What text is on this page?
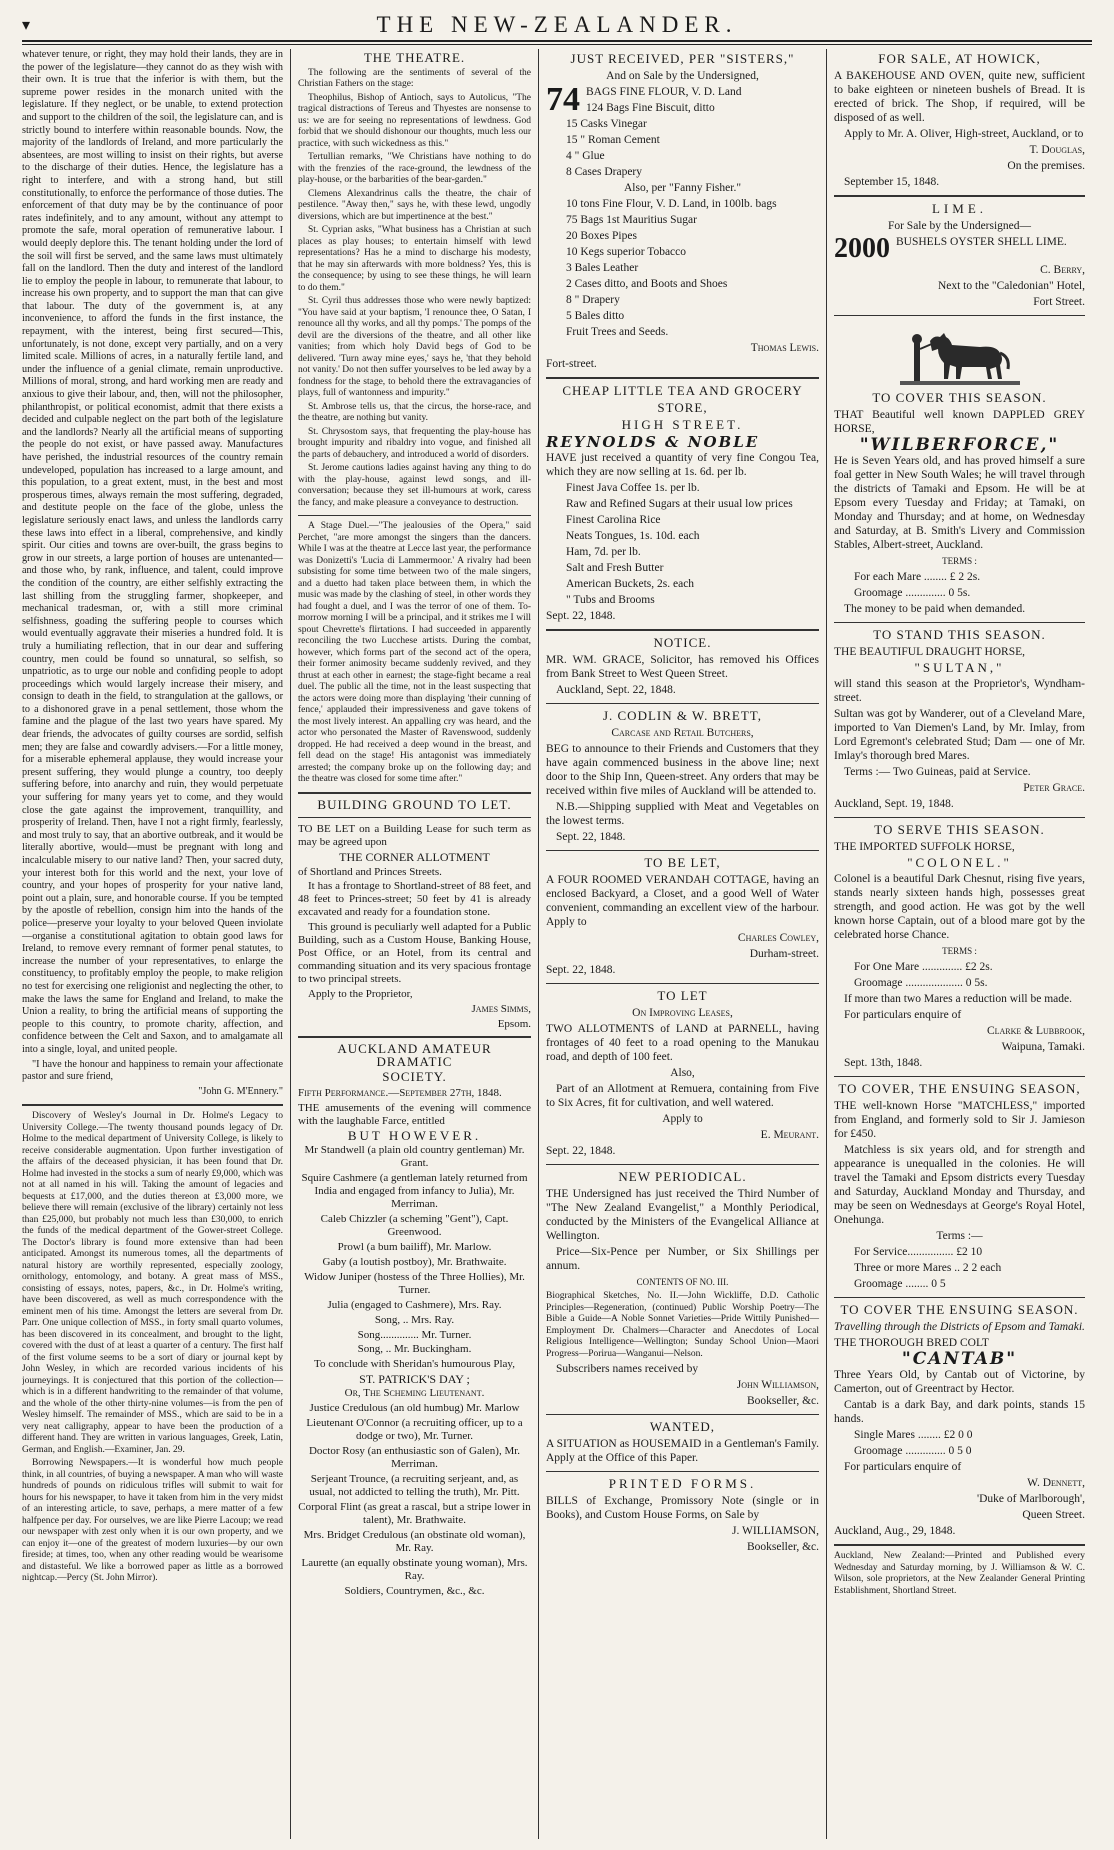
▾	THE NEW-ZEALANDER.

whatever tenure, or right, they may hold their lands, they are in the power of the legislature—they cannot do as they wish with their own. It is true that the inferior is with them, but the supreme power resides in the monarch united with the legislature. If they neglect, or be unable, to extend protection and support to the children of the soil, the legislature can, and is strictly bound to interfere within reasonable bounds. Now, the majority of the landlords of Ireland, and more particularly the absentees, are most willing to insist on their rights, but averse to the discharge of their duties. Hence, the legislature has a right to interfere, and with a strong hand, but still constitutionally, to enforce the performance of those duties. The enforcement of that duty may be by the continuance of poor rates indefinitely, and to any amount, without any attempt to promote the safe, moral operation of remunerative labour. I would deeply deplore this. The tenant holding under the lord of the soil will first be served, and the same laws must ultimately fall on the landlord. Then the duty and interest of the landlord lie to employ the people in labour, to remunerate that labour, to increase his own property, and to support the man that can give that labour. The duty of the government is, at any inconvenience, to afford the funds in the first instance, the repayment, with the interest, being first secured—This, unfortunately, is not done, except very partially, and on a very limited scale. Millions of acres, in a naturally fertile land, and under the influence of a genial climate, remain unproductive. Millions of moral, strong, and hard working men are ready and anxious to give their labour, and, then, will not the philosopher, philanthropist, or political economist, admit that there exists a decided and culpable neglect on the part both of the legislature and the landlords? Nearly all the artificial means of supporting the people do not exist, or have passed away. Manufactures have perished, the industrial resources of the country remain undeveloped, population has increased to a large amount, and this population, to a great extent, must, in the best and most prosperous times, always remain the most suffering, degraded, and destitute people on the face of the globe, unless the legislature seriously enact laws, and unless the landlords carry these laws into effect in a liberal, comprehensive, and kindly spirit. Our cities and towns are over-built, the grass begins to grow in our streets, a large portion of houses are untenanted—and those who, by rank, influence, and talent, could improve the condition of the country, are either selfishly extracting the last shilling from the struggling farmer, shopkeeper, and mechanical tradesman, or, with a still more criminal selfishness, goading the suffering people to courses which would eventually aggravate their miseries a hundred fold. It is truly a humiliating reflection, that in our dear and suffering country, men could be found so unnatural, so selfish, so unpatriotic, as to urge our noble and confiding people to adopt proceedings which would largely increase their misery, and consign to death in the field, to strangulation at the gallows, or to a dishonored grave in a penal settlement, those whom the famine and the plague of the last two years have spared. My dear friends, the advocates of guilty courses are sordid, selfish men; they are false and cowardly advisers.—For a little money, for a miserable ephemeral applause, they would increase your present suffering, they would plunge a country, too deeply suffering before, into anarchy and ruin, they would perpetuate your suffering for many years yet to come, and they would close the gate against the improvement, tranquillity, and prosperity of Ireland. Then, have I not a right firmly, fearlessly, and most truly to say, that an abortive outbreak, and it would be literally abortive, would—must be pregnant with long and incalculable misery to our native land? Then, your sacred duty, your interest both for this world and the next, your love of country, and your hopes of prosperity for your native land, point out a plain, sure, and honorable course. If you be tempted by the apostle of rebellion, consign him into the hands of the police—preserve your loyalty to your beloved Queen inviolate—organise a constitutional agitation to obtain good laws for Ireland, to remove every remnant of former penal statutes, to increase the number of your representatives, to enlarge the constituency, to profitably employ the people, to make religion no test for exercising one religionist and neglecting the other, to make the laws the same for England and Ireland, to make the Union a reality, to bring the artificial means of supporting the people to this country, to promote charity, affection, and confidence between the Celt and Saxon, and to amalgamate all into a single, loyal, and united people.

"I have the honour and happiness to remain your affectionate pastor and sure friend,

"John G. M'Ennery."

Discovery of Wesley's Journal in Dr. Holme's Legacy to University College.—The twenty thousand pounds legacy of Dr. Holme to the medical department of University College, is likely to receive considerable augmentation. Upon further investigation of the affairs of the deceased physician, it has been found that Dr. Holme had invested in the stocks a sum of nearly £9,000, which was not at all named in his will. Taking the amount of legacies and bequests at £17,000, and the duties thereon at £3,000 more, we believe there will remain (exclusive of the library) certainly not less than £25,000, but probably not much less than £30,000, to enrich the funds of the medical department of the Gower-street College. The Doctor's library is found more extensive than had been anticipated. Amongst its numerous tomes, all the departments of natural history are worthily represented, especially zoology, ornithology, entomology, and botany. A great mass of MSS., consisting of essays, notes, papers, &c., in Dr. Holme's writing, have been discovered, as well as much correspondence with the eminent men of his time. Amongst the letters are several from Dr. Parr. One unique collection of MSS., in forty small quarto volumes, has been discovered in its concealment, and brought to the light, covered with the dust of at least a quarter of a century. The first half of the first volume seems to be a sort of diary or journal kept by John Wesley, in which are recorded various incidents of his journeyings. It is conjectured that this portion of the collection—which is in a different handwriting to the remainder of that volume, and the whole of the other thirty-nine volumes—is from the pen of Wesley himself. The remainder of MSS., which are said to be in a very neat calligraphy, appear to have been the production of a different hand. They are written in various languages, Greek, Latin, German, and English.—Examiner, Jan. 29.

Borrowing Newspapers.—It is wonderful how much people think, in all countries, of buying a newspaper. A man who will waste hundreds of pounds on ridiculous trifles will submit to wait for hours for his newspaper, to have it taken from him in the very midst of an interesting article, to save, perhaps, a mere matter of a few halfpence per day. For ourselves, we are like Pierre Lacoup; we read our newspaper with zest only when it is our own property, and we can enjoy it—one of the greatest of modern luxuries—by our own fireside; at times, too, when any other reading would be wearisome and distasteful. We like a borrowed paper as little as a borrowed nightcap.—Percy (St. John Mirror).

THE THEATRE.

The following are the sentiments of several of the Christian Fathers on the stage:

Theophilus, Bishop of Antioch, says to Autolicus, "The tragical distractions of Tereus and Thyestes are nonsense to us: we are for seeing no representations of lewdness. God forbid that we should dishonour our thoughts, much less our practice, with such wickedness as this."

Tertullian remarks, "We Christians have nothing to do with the frenzies of the race-ground, the lewdness of the play-house, or the barbarities of the bear-garden."

Clemens Alexandrinus calls the theatre, the chair of pestilence. "Away then," says he, with these lewd, ungodly diversions, which are but impertinence at the best."

St. Cyprian asks, "What business has a Christian at such places as play houses; to entertain himself with lewd representations? Has he a mind to discharge his modesty, that he may sin afterwards with more boldness? Yes, this is the consequence; by using to see these things, he will learn to do them."

St. Cyril thus addresses those who were newly baptized: "You have said at your baptism, 'I renounce thee, O Satan, I renounce all thy works, and all thy pomps.' The pomps of the devil are the diversions of the theatre, and all other like vanities; from which holy David begs of God to be delivered. 'Turn away mine eyes,' says he, 'that they behold not vanity.' Do not then suffer yourselves to be led away by a fondness for the stage, to behold there the extravagancies of plays, full of wantonness and impurity."

St. Ambrose tells us, that the circus, the horse-race, and the theatre, are nothing but vanity.

St. Chrysostom says, that frequenting the play-house has brought impurity and ribaldry into vogue, and finished all the parts of debauchery, and introduced a world of disorders.

St. Jerome cautions ladies against having any thing to do with the play-house, against lewd songs, and ill-conversation; because they set ill-humours at work, caress the fancy, and make pleasure a conveyance to destruction.

A Stage Duel.—"The jealousies of the Opera," said Perchet, "are more amongst the singers than the dancers. While I was at the theatre at Lecce last year, the performance was Donizetti's 'Lucia di Lammermoor.' A rivalry had been subsisting for some time between two of the male singers, and a duetto had taken place between them, in which the music was made by the clashing of steel, in other words they had fought a duel, and I was the terror of one of them. To-morrow morning I will be a principal, and it strikes me I will spout Chevrette's flirtations. I had succeeded in apparently reconciling the two Lucchese artists. During the combat, however, which forms part of the second act of the opera, their former animosity became suddenly revived, and they thrust at each other in earnest; the stage-fight became a real duel. The public all the time, not in the least suspecting that the actors were doing more than displaying 'their cunning of fence,' applauded their impressiveness and gave tokens of the most lively interest. An appalling cry was heard, and the actor who personated the Master of Ravenswood, suddenly dropped. He had received a deep wound in the breast, and fell dead on the stage! His antagonist was immediately arrested; the company broke up on the following day; and the theatre was closed for some time after."

BUILDING GROUND TO LET.

TO BE LET on a Building Lease for such term as may be agreed upon

THE CORNER ALLOTMENT

of Shortland and Princes Streets.

It has a frontage to Shortland-street of 88 feet, and 48 feet to Princes-street; 50 feet by 41 is already excavated and ready for a foundation stone.

This ground is peculiarly well adapted for a Public Building, such as a Custom House, Banking House, Post Office, or an Hotel, from its central and commanding situation and its very spacious frontage to two principal streets.

Apply to the Proprietor,

James Simms,

Epsom.

AUCKLAND AMATEUR DRAMATIC
SOCIETY.

Fifth Performance.—September 27th, 1848.

THE amusements of the evening will commence with the laughable Farce, entitled

BUT HOWEVER.

Mr Standwell (a plain old country gentleman) Mr. Grant.

Squire Cashmere (a gentleman lately returned from India and engaged from infancy to Julia), Mr. Merriman.

Caleb Chizzler (a scheming "Gent"), Capt. Greenwood.

Prowl (a bum bailiff), Mr. Marlow.

Gaby (a loutish postboy), Mr. Brathwaite.

Widow Juniper (hostess of the Three Hollies), Mr. Turner.

Julia (engaged to Cashmere), Mrs. Ray.

Song, .. Mrs. Ray.

Song.............. Mr. Turner.

Song, .. Mr. Buckingham.

To conclude with Sheridan's humourous Play,

ST. PATRICK'S DAY ;

Or, The Scheming Lieutenant.

Justice Credulous (an old humbug) Mr. Marlow

Lieutenant O'Connor (a recruiting officer, up to a dodge or two), Mr. Turner.

Doctor Rosy (an enthusiastic son of Galen), Mr. Merriman.

Serjeant Trounce, (a recruiting serjeant, and, as usual, not addicted to telling the truth), Mr. Pitt.

Corporal Flint (as great a rascal, but a stripe lower in talent), Mr. Brathwaite.

Mrs. Bridget Credulous (an obstinate old woman), Mr. Ray.

Laurette (an equally obstinate young woman), Mrs. Ray.

Soldiers, Countrymen, &c., &c.

JUST RECEIVED, PER "SISTERS,"

And on Sale by the Undersigned,

74 BAGS FINE FLOUR, V. D. Land

124 Bags Fine Biscuit, ditto

15 Casks Vinegar

15 " Roman Cement

4 " Glue

8 Cases Drapery

Also, per "Fanny Fisher."

10 tons Fine Flour, V. D. Land, in 100lb. bags

75 Bags 1st Mauritius Sugar

20 Boxes Pipes

10 Kegs superior Tobacco

3 Bales Leather

2 Cases ditto, and Boots and Shoes

8 " Drapery

5 Bales ditto

Fruit Trees and Seeds.

Thomas Lewis.

Fort-street.

CHEAP LITTLE TEA AND GROCERY
STORE,
HIGH STREET.

REYNOLDS & NOBLE

HAVE just received a quantity of very fine Congou Tea, which they are now selling at 1s. 6d. per lb.

Finest Java Coffee 1s. per lb.

Raw and Refined Sugars at their usual low prices

Finest Carolina Rice

Neats Tongues, 1s. 10d. each

Ham, 7d. per lb.

Salt and Fresh Butter

American Buckets, 2s. each

" Tubs and Brooms

Sept. 22, 1848.

NOTICE.

MR. WM. GRACE, Solicitor, has removed his Offices from Bank Street to West Queen Street.

Auckland, Sept. 22, 1848.

J. CODLIN & W. BRETT,

Carcase and Retail Butchers,

BEG to announce to their Friends and Customers that they have again commenced business in the above line; next door to the Ship Inn, Queen-street. Any orders that may be received within five miles of Auckland will be attended to.

N.B.—Shipping supplied with Meat and Vegetables on the lowest terms.

Sept. 22, 1848.

TO BE LET,

A FOUR ROOMED VERANDAH COTTAGE, having an enclosed Backyard, a Closet, and a good Well of Water convenient, commanding an excellent view of the harbour. Apply to

Charles Cowley,

Durham-street.

Sept. 22, 1848.

TO LET

On Improving Leases,

TWO ALLOTMENTS of LAND at PARNELL, having frontages of 40 feet to a road opening to the Manukau road, and depth of 100 feet.

Also,

Part of an Allotment at Remuera, containing from Five to Six Acres, fit for cultivation, and well watered.

Apply to

E. Meurant.

Sept. 22, 1848.

NEW PERIODICAL.

THE Undersigned has just received the Third Number of "The New Zealand Evangelist," a Monthly Periodical, conducted by the Ministers of the Evangelical Alliance at Wellington.

Price—Six-Pence per Number, or Six Shillings per annum.

CONTENTS OF NO. III.

Biographical Sketches, No. II.—John Wickliffe, D.D. Catholic Principles—Regeneration, (continued) Public Worship Poetry—The Bible a Guide—A Noble Sonnet Varieties—Pride Wittily Punished—Employment Dr. Chalmers—Character and Anecdotes of Local Religious Intelligence—Wellington; Sunday School Union—Maori Progress—Porirua—Wanganui—Nelson.

Subscribers names received by

John Williamson,

Bookseller, &c.

WANTED,

A SITUATION as HOUSEMAID in a Gentleman's Family. Apply at the Office of this Paper.

PRINTED FORMS.

BILLS of Exchange, Promissory Note (single or in Books), and Custom House Forms, on Sale by

J. WILLIAMSON,

Bookseller, &c.

FOR SALE, AT HOWICK,

A BAKEHOUSE AND OVEN, quite new, sufficient to bake eighteen or nineteen bushels of Bread. It is erected of brick. The Shop, if required, will be disposed of as well.

Apply to Mr. A. Oliver, High-street, Auckland, or to

T. Douglas,

On the premises.

September 15, 1848.

LIME.

For Sale by the Undersigned—

2000 BUSHELS OYSTER SHELL LIME.

C. Berry,

Next to the "Caledonian" Hotel,

Fort Street.

TO COVER THIS SEASON.

THAT Beautiful well known DAPPLED GREY HORSE,

"WILBERFORCE,"

He is Seven Years old, and has proved himself a sure foal getter in New South Wales; he will travel through the districts of Tamaki and Epsom. He will be at Epsom every Tuesday and Friday; at Tamaki, on Monday and Thursday; and at home, on Wednesday and Saturday, at B. Smith's Livery and Commission Stables, Albert-street, Auckland.

TERMS :

For each Mare ........ £ 2 2s.

Groomage .............. 0 5s.

The money to be paid when demanded.

TO STAND THIS SEASON.

THE BEAUTIFUL DRAUGHT HORSE,

"SULTAN,"

will stand this season at the Proprietor's, Wyndham-street.

Sultan was got by Wanderer, out of a Cleveland Mare, imported to Van Diemen's Land, by Mr. Imlay, from Lord Egremont's celebrated Stud; Dam — one of Mr. Imlay's thorough bred Mares.

Terms :— Two Guineas, paid at Service.

Peter Grace.

Auckland, Sept. 19, 1848.

TO SERVE THIS SEASON.

THE IMPORTED SUFFOLK HORSE,

"COLONEL."

Colonel is a beautiful Dark Chesnut, rising five years, stands nearly sixteen hands high, possesses great strength, and good action. He was got by the well known horse Captain, out of a blood mare got by the celebrated horse Chance.

TERMS :

For One Mare .............. £2 2s.

Groomage .................... 0 5s.

If more than two Mares a reduction will be made.

For particulars enquire of

Clarke & Lubbrook,

Waipuna, Tamaki.

Sept. 13th, 1848.

TO COVER, THE ENSUING SEASON,

THE well-known Horse "MATCHLESS," imported from England, and formerly sold to Sir J. Jamieson for £450.

Matchless is six years old, and for strength and appearance is unequalled in the colonies. He will travel the Tamaki and Epsom districts every Tuesday and Saturday, Auckland Monday and Thursday, and may be seen on Wednesdays at George's Royal Hotel, Onehunga.

Terms :—

For Service................ £2 10

Three or more Mares .. 2 2 each

Groomage ........ 0 5

TO COVER THE ENSUING SEASON.

Travelling through the Districts of Epsom and Tamaki.

THE THOROUGH BRED COLT

"CANTAB"

Three Years Old, by Cantab out of Victorine, by Camerton, out of Greentract by Hector.

Cantab is a dark Bay, and dark points, stands 15 hands.

Single Mares ........ £2 0 0

Groomage .............. 0 5 0

For particulars enquire of

W. Dennett,

'Duke of Marlborough',

Queen Street.

Auckland, Aug., 29, 1848.

Auckland, New Zealand:—Printed and Published every Wednesday and Saturday morning, by J. Williamson & W. C. Wilson, sole proprietors, at the New Zealander General Printing Establishment, Shortland Street.
